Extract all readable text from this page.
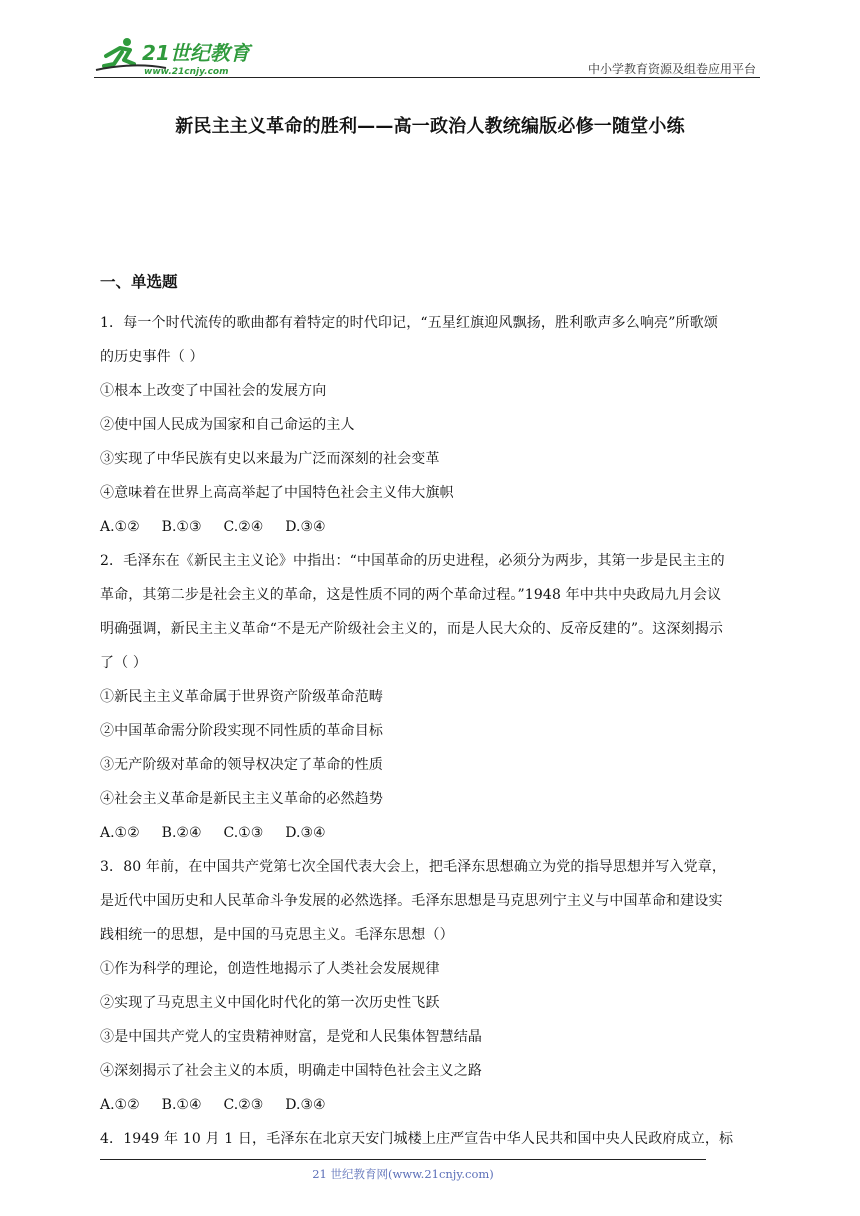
21世纪教育
www.21cnjy.com	中小学教育资源及组卷应用平台
新民主主义革命的胜利——高一政治人教统编版必修一随堂小练
一、单选题
1．每一个时代流传的歌曲都有着特定的时代印记，“五星红旗迎风飘扬，胜利歌声多么响亮”所歌颂
的历史事件（ ）
①根本上改变了中国社会的发展方向
②使中国人民成为国家和自己命运的主人
③实现了中华民族有史以来最为广泛而深刻的社会变革
④意味着在世界上高高举起了中国特色社会主义伟大旗帜
A.①② B.①③ C.②④ D.③④
2．毛泽东在《新民主主义论》中指出：“中国革命的历史进程，必须分为两步，其第一步是民主主的
革命，其第二步是社会主义的革命，这是性质不同的两个革命过程。”1948 年中共中央政局九月会议
明确强调，新民主主义革命“不是无产阶级社会主义的，而是人民大众的、反帝反建的”。这深刻揭示
了（ ）
①新民主主义革命属于世界资产阶级革命范畴
②中国革命需分阶段实现不同性质的革命目标
③无产阶级对革命的领导权决定了革命的性质
④社会主义革命是新民主主义革命的必然趋势
A.①② B.②④ C.①③ D.③④
3．80 年前，在中国共产党第七次全国代表大会上，把毛泽东思想确立为党的指导思想并写入党章，
是近代中国历史和人民革命斗争发展的必然选择。毛泽东思想是马克思列宁主义与中国革命和建设实
践相统一的思想，是中国的马克思主义。毛泽东思想（）
①作为科学的理论，创造性地揭示了人类社会发展规律
②实现了马克思主义中国化时代化的第一次历史性飞跃
③是中国共产党人的宝贵精神财富，是党和人民集体智慧结晶
④深刻揭示了社会主义的本质，明确走中国特色社会主义之路
A.①② B.①④ C.②③ D.③④
4．1949 年 10 月 1 日，毛泽东在北京天安门城楼上庄严宣告中华人民共和国中央人民政府成立，标
21 世纪教育网(www.21cnjy.com)
